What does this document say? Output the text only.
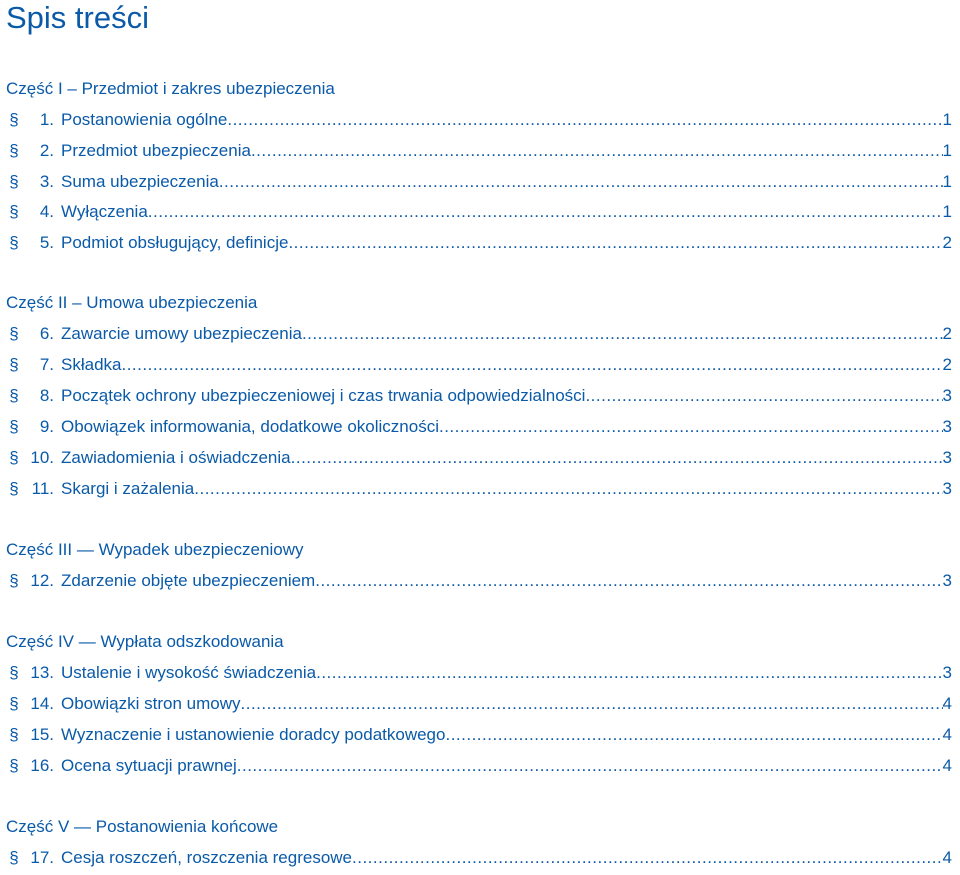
Spis treści
Część I – Przedmiot i zakres ubezpieczenia
§	1. Postanowienia ogólne .....	1
§	2. Przedmiot ubezpieczenia .....	1
§	3. Suma ubezpieczenia .....	1
§	4. Wyłączenia .....	1
§	5. Podmiot obsługujący, definicje .....	2
Część II – Umowa ubezpieczenia
§	6. Zawarcie umowy ubezpieczenia .....	2
§	7. Składka .....	2
§	8. Początek ochrony ubezpieczeniowej i czas trwania odpowiedzialności .....	3
§	9. Obowiązek informowania, dodatkowe okoliczności .....	3
§ 10. Zawiadomienia i oświadczenia .....	3
§ 11. Skargi i zażalenia .....	3
Część III — Wypadek ubezpieczeniowy
§ 12. Zdarzenie objęte ubezpieczeniem .....	3
Część IV — Wypłata odszkodowania
§ 13. Ustalenie i wysokość świadczenia .....	3
§ 14. Obowiązki stron umowy .....	4
§ 15. Wyznaczenie i ustanowienie doradcy podatkowego .....	4
§ 16. Ocena sytuacji prawnej .....	4
Część V — Postanowienia końcowe
§ 17. Cesja roszczeń, roszczenia regresowe .....	4
